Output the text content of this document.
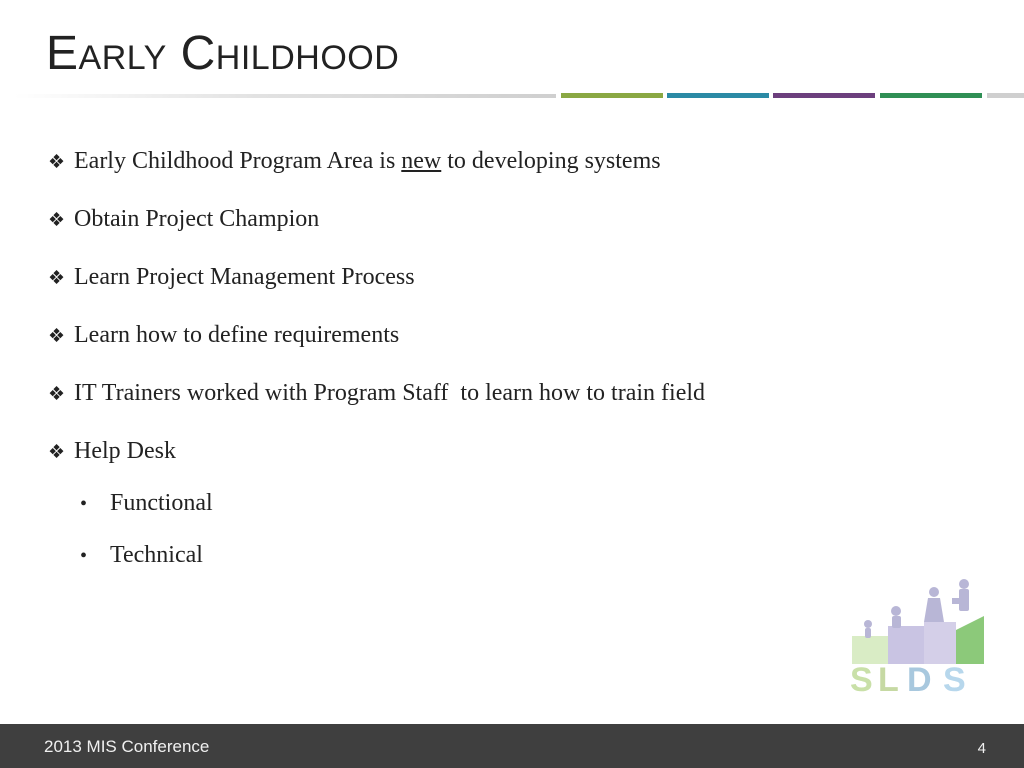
Early Childhood
❖ Early Childhood Program Area is new to developing systems
❖ Obtain Project Champion
❖ Learn Project Management Process
❖ Learn how to define requirements
❖ IT Trainers worked with Program Staff  to learn how to train field
❖ Help Desk
• Functional
• Technical
S L D S
2013 MIS Conference	4
